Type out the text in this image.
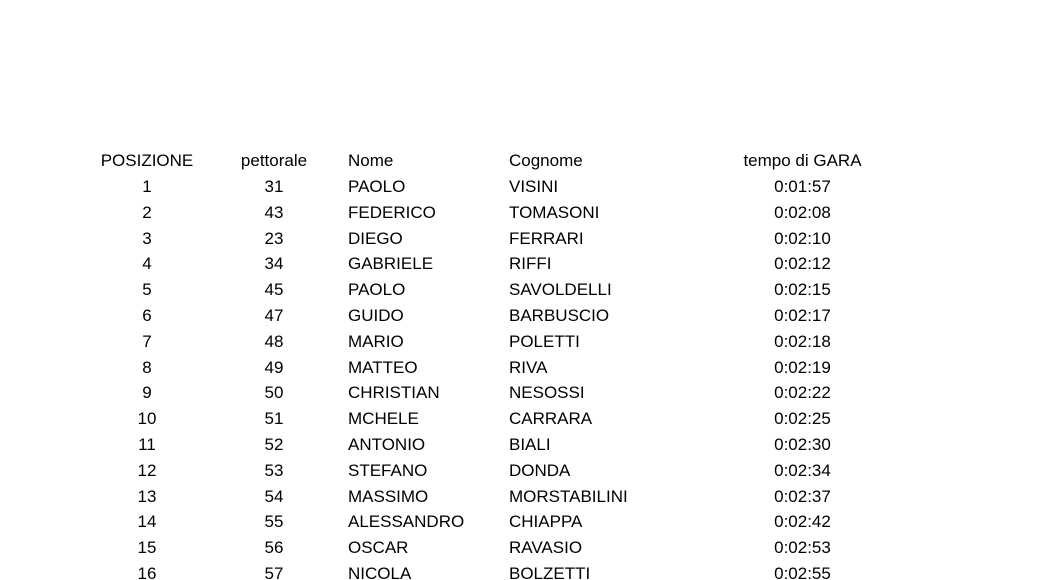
POSIZIONE	pettorale	Nome	Cognome	tempo di GARA
1	31	PAOLO	VISINI	0:01:57
2	43	FEDERICO	TOMASONI	0:02:08
3	23	DIEGO	FERRARI	0:02:10
4	34	GABRIELE	RIFFI	0:02:12
5	45	PAOLO	SAVOLDELLI	0:02:15
6	47	GUIDO	BARBUSCIO	0:02:17
7	48	MARIO	POLETTI	0:02:18
8	49	MATTEO	RIVA	0:02:19
9	50	CHRISTIAN	NESOSSI	0:02:22
10	51	MCHELE	CARRARA	0:02:25
11	52	ANTONIO	BIALI	0:02:30
12	53	STEFANO	DONDA	0:02:34
13	54	MASSIMO	MORSTABILINI	0:02:37
14	55	ALESSANDRO	CHIAPPA	0:02:42
15	56	OSCAR	RAVASIO	0:02:53
16	57	NICOLA	BOLZETTI	0:02:55
